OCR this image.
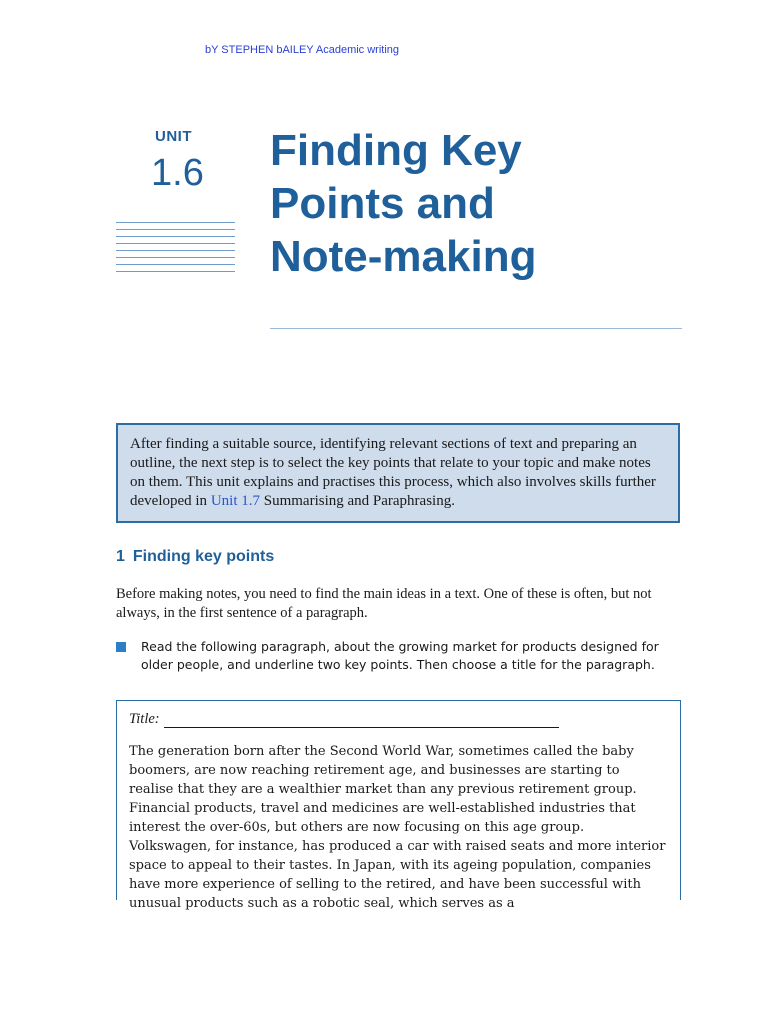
bY STEPHEN bAILEY Academic writing
UNIT
1.6 Finding Key
Points and
Note-making
After finding a suitable source, identifying relevant sections of text and preparing an outline, the next step is to select the key points that relate to your topic and make notes on them. This unit explains and practises this process, which also involves skills further developed in Unit 1.7 Summarising and Paraphrasing.
1 Finding key points

Before making notes, you need to find the main ideas in a text. One of these is often, but not always, in the first sentence of a paragraph.

Read the following paragraph, about the growing market for products designed for older people, and underline two key points. Then choose a title for the paragraph.

Title:

The generation born after the Second World War, sometimes called the baby boomers, are now reaching retirement age, and businesses are starting to realise that they are a wealthier market than any previous retirement group. Financial products, travel and medicines are well-established industries that interest the over-60s, but others are now focusing on this age group. Volkswagen, for instance, has produced a car with raised seats and more interior space to appeal to their tastes. In Japan, with its ageing population, companies have more experience of selling to the retired, and have been successful with unusual products such as a robotic seal, which serves as a
